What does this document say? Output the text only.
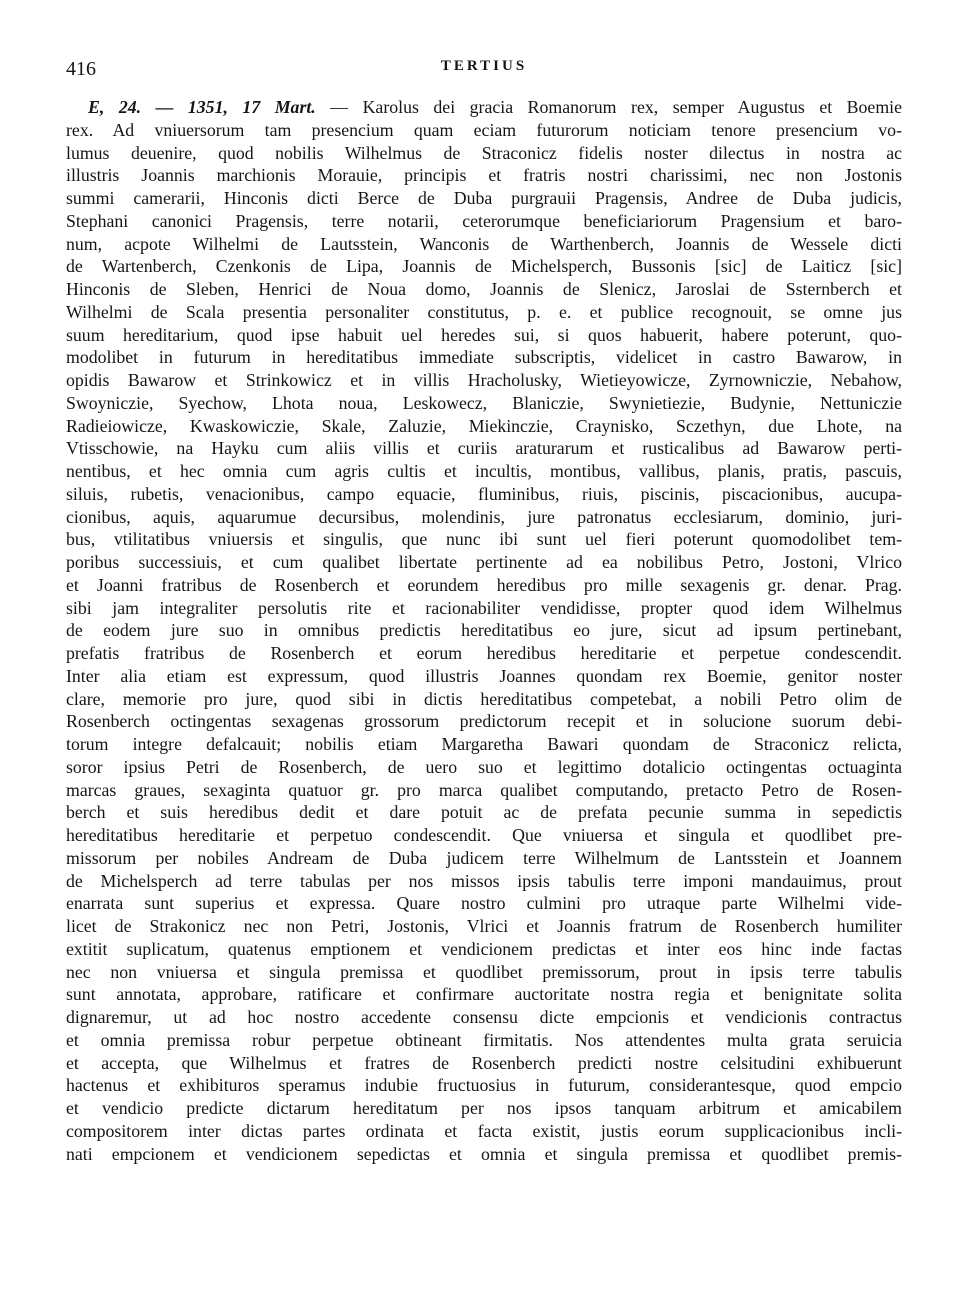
416	TERTIUS
E, 24. — 1351, 17 Mart. — Karolus dei gracia Romanorum rex, semper Augustus et Boemie
rex. Ad vniuersorum tam presencium quam eciam futurorum noticiam tenore presencium vo-
lumus deuenire, quod nobilis Wilhelmus de Straconicz fidelis noster dilectus in nostra ac
illustris Joannis marchionis Morauie, principis et fratris nostri charissimi, nec non Jostonis
summi camerarii, Hinconis dicti Berce de Duba purgrauii Pragensis, Andree de Duba judicis,
Stephani canonici Pragensis, terre notarii, ceterorumque beneficiariorum Pragensium et baro-
num, acpote Wilhelmi de Lautsstein, Wanconis de Warthenberch, Joannis de Wessele dicti
de Wartenberch, Czenkonis de Lipa, Joannis de Michelsperch, Bussonis [sic] de Laiticz [sic]
Hinconis de Sleben, Henrici de Noua domo, Joannis de Slenicz, Jaroslai de Ssternberch et
Wilhelmi de Scala presentia personaliter constitutus, p. e. et publice recognouit, se omne jus
suum hereditarium, quod ipse habuit uel heredes sui, si quos habuerit, habere poterunt, quo-
modolibet in futurum in hereditatibus immediate subscriptis, videlicet in castro Bawarow, in
opidis Bawarow et Strinkowicz et in villis Hracholusky, Wietieyowicze, Zyrnowniczie, Nebahow,
Swoyniczie, Syechow, Lhota noua, Leskowecz, Blaniczie, Swynietiezie, Budynie, Nettuniczie
Radieiowicze, Kwaskowiczie, Skale, Zaluzie, Miekinczie, Craynisko, Sczethyn, due Lhote, na
Vtisschowie, na Hayku cum aliis villis et curiis araturarum et rusticalibus ad Bawarow perti-
nentibus, et hec omnia cum agris cultis et incultis, montibus, vallibus, planis, pratis, pascuis,
siluis, rubetis, venacionibus, campo equacie, fluminibus, riuis, piscinis, piscacionibus, aucupa-
cionibus, aquis, aquarumue decursibus, molendinis, jure patronatus ecclesiarum, dominio, juri-
bus, vtilitatibus vniuersis et singulis, que nunc ibi sunt uel fieri poterunt quomodolibet tem-
poribus successiuis, et cum qualibet libertate pertinente ad ea nobilibus Petro, Jostoni, Vlrico
et Joanni fratribus de Rosenberch et eorundem heredibus pro mille sexagenis gr. denar. Prag.
sibi jam integraliter persolutis rite et racionabiliter vendidisse, propter quod idem Wilhelmus
de eodem jure suo in omnibus predictis hereditatibus eo jure, sicut ad ipsum pertinebant,
prefatis fratribus de Rosenberch et eorum heredibus hereditarie et perpetue condescendit.
Inter alia etiam est expressum, quod illustris Joannes quondam rex Boemie, genitor noster
clare, memorie pro jure, quod sibi in dictis hereditatibus competebat, a nobili Petro olim de
Rosenberch octingentas sexagenas grossorum predictorum recepit et in solucione suorum debi-
torum integre defalcauit; nobilis etiam Margaretha Bawari quondam de Straconicz relicta,
soror ipsius Petri de Rosenberch, de uero suo et legittimo dotalicio octingentas octuaginta
marcas graues, sexaginta quatuor gr. pro marca qualibet computando, pretacto Petro de Rosen-
berch et suis heredibus dedit et dare potuit ac de prefata pecunie summa in sepedictis
hereditatibus hereditarie et perpetuo condescendit. Que vniuersa et singula et quodlibet pre-
missorum per nobiles Andream de Duba judicem terre Wilhelmum de Lantsstein et Joannem
de Michelsperch ad terre tabulas per nos missos ipsis tabulis terre imponi mandauimus, prout
enarrata sunt superius et expressa. Quare nostro culmini pro utraque parte Wilhelmi vide-
licet de Strakonicz nec non Petri, Jostonis, Vlrici et Joannis fratrum de Rosenberch humiliter
extitit suplicatum, quatenus emptionem et vendicionem predictas et inter eos hinc inde factas
nec non vniuersa et singula premissa et quodlibet premissorum, prout in ipsis terre tabulis
sunt annotata, approbare, ratificare et confirmare auctoritate nostra regia et benignitate solita
dignaremur, ut ad hoc nostro accedente consensu dicte empcionis et vendicionis contractus
et omnia premissa robur perpetue obtineant firmitatis. Nos attendentes multa grata seruicia
et accepta, que Wilhelmus et fratres de Rosenberch predicti nostre celsitudini exhibuerunt
hactenus et exhibituros speramus indubie fructuosius in futurum, considerantesque, quod empcio
et vendicio predicte dictarum hereditatum per nos ipsos tanquam arbitrum et amicabilem
compositorem inter dictas partes ordinata et facta existit, justis eorum supplicacionibus incli-
nati empcionem et vendicionem sepedictas et omnia et singula premissa et quodlibet premis-
